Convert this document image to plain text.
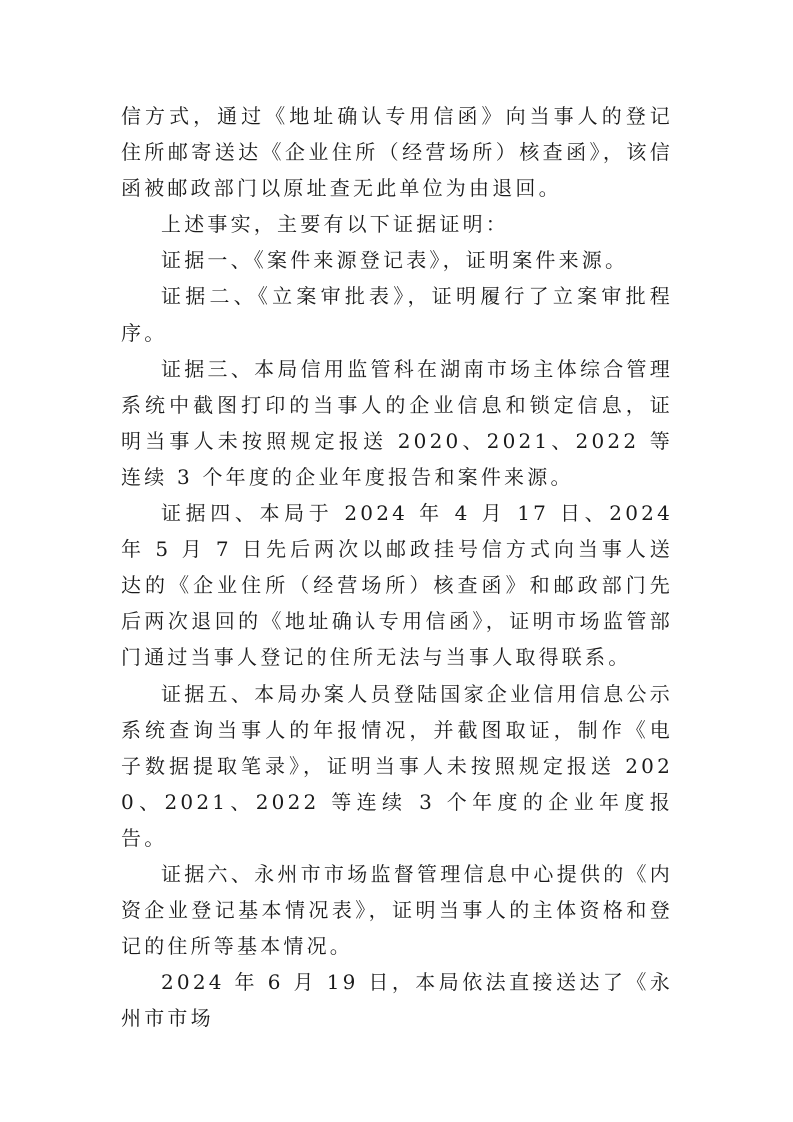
信方式，通过《地址确认专用信函》向当事人的登记住所邮寄送达《企业住所（经营场所）核查函》，该信函被邮政部门以原址查无此单位为由退回。

上述事实，主要有以下证据证明：

证据一、《案件来源登记表》，证明案件来源。

证据二、《立案审批表》，证明履行了立案审批程序。

证据三、本局信用监管科在湖南市场主体综合管理系统中截图打印的当事人的企业信息和锁定信息，证明当事人未按照规定报送 2020、2021、2022 等连续 3 个年度的企业年度报告和案件来源。

证据四、本局于 2024 年 4 月 17 日、2024 年 5 月 7 日先后两次以邮政挂号信方式向当事人送达的《企业住所（经营场所）核查函》和邮政部门先后两次退回的《地址确认专用信函》，证明市场监管部门通过当事人登记的住所无法与当事人取得联系。

证据五、本局办案人员登陆国家企业信用信息公示系统查询当事人的年报情况，并截图取证，制作《电子数据提取笔录》，证明当事人未按照规定报送 2020、2021、2022 等连续 3 个年度的企业年度报告。

证据六、永州市市场监督管理信息中心提供的《内资企业登记基本情况表》，证明当事人的主体资格和登记的住所等基本情况。

2024 年 6 月 19 日，本局依法直接送达了《永州市市场
